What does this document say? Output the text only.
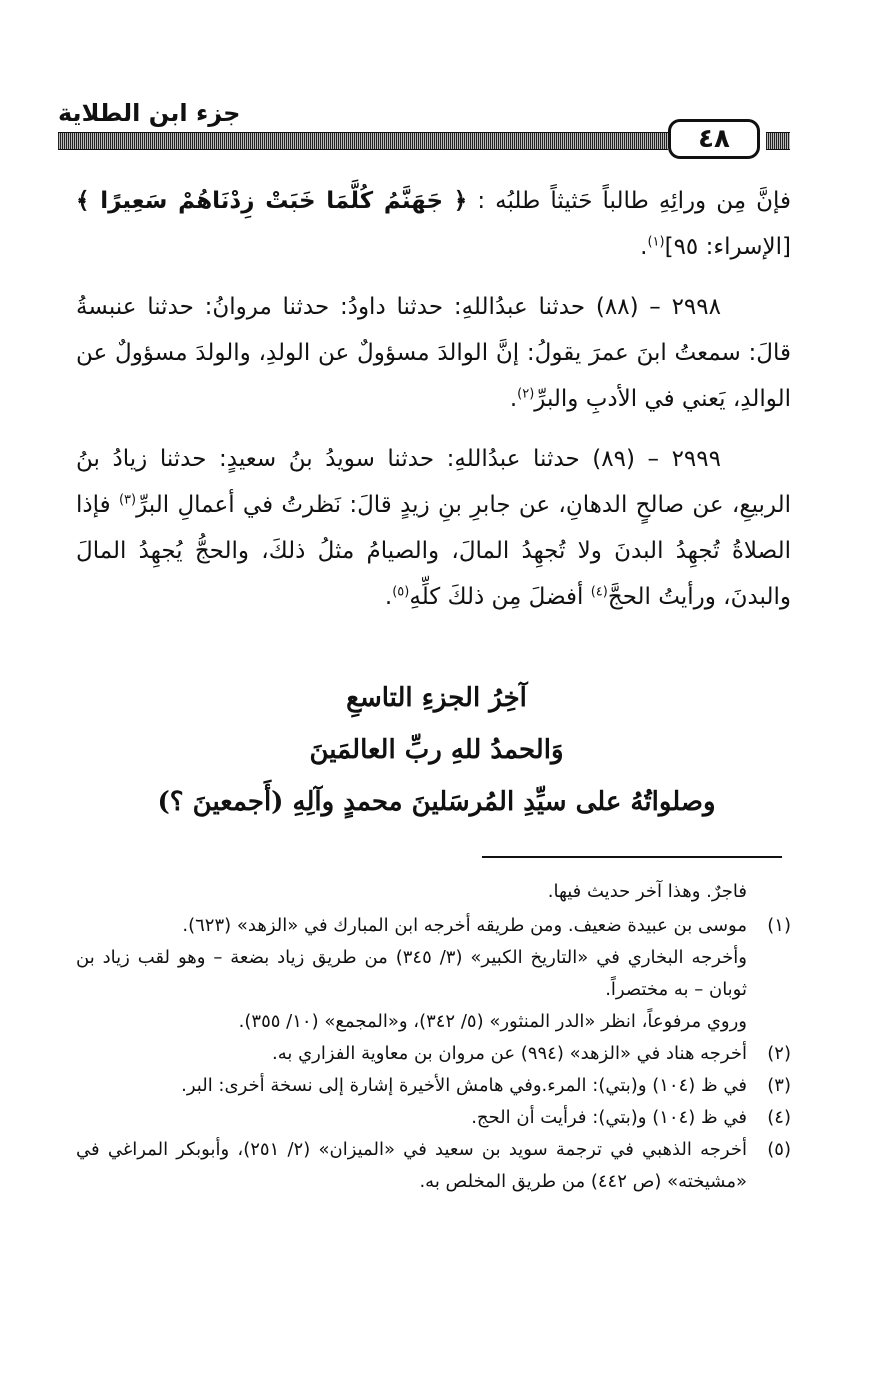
جزء ابن الطلاية
٤٨

فإنَّ مِن ورائِهِ طالباً حَثيثاً طلبُه : ﴿ جَهَنَّمُ كُلَّمَا خَبَتْ زِدْنَاهُمْ سَعِيرًا ﴾ [الإسراء: ٩٥]$^{(١)}$.

٢٩٩٨ – (٨٨) حدثنا عبدُاللهِ: حدثنا داودُ: حدثنا مروانُ: حدثنا عنبسةُ قالَ: سمعتُ ابنَ عمرَ يقولُ: إنَّ الوالدَ مسؤولٌ عن الولدِ، والولدَ مسؤولٌ عن الوالدِ، يَعني في الأدبِ والبرِّ$^{(٢)}$.

٢٩٩٩ – (٨٩) حدثنا عبدُاللهِ: حدثنا سويدُ بنُ سعيدٍ: حدثنا زيادُ بنُ الربيعِ، عن صالحٍ الدهانِ، عن جابرِ بنِ زيدٍ قالَ: نَظرتُ في أعمالِ البرِّ$^{(٣)}$ فإذا الصلاةُ تُجهِدُ البدنَ ولا تُجهِدُ المالَ، والصيامُ مثلُ ذلكَ، والحجُّ يُجهِدُ المالَ والبدنَ، ورأيتُ الحجَّ$^{(٤)}$ أفضلَ مِن ذلكَ كلِّهِ$^{(٥)}$.

آخِرُ الجزءِ التاسعِ
وَالحمدُ للهِ ربِّ العالمَينَ
وصلواتُهُ على سيِّدِ المُرسَلينَ محمدٍ وآلِهِ (أَجمعينَ ؟)

فاجرٌ. وهذا آخر حديث فيها.

(١)
موسى بن عبيدة ضعيف. ومن طريقه أخرجه ابن المبارك في «الزهد» (٦٢٣).

وأخرجه البخاري في «التاريخ الكبير» (٣/ ٣٤٥) من طريق زياد بضعة – وهو لقب زياد بن ثوبان – به مختصراً.

وروي مرفوعاً، انظر «الدر المنثور» (٥/ ٣٤٢)، و«المجمع» (١٠/ ٣٥٥).

(٢)
أخرجه هناد في «الزهد» (٩٩٤) عن مروان بن معاوية الفزاري به.

(٣)
في ظ (١٠٤) و(بتي): المرء.وفي هامش الأخيرة إشارة إلى نسخة أخرى: البر.

(٤)
في ظ (١٠٤) و(بتي): فرأيت أن الحج.

(٥)
أخرجه الذهبي في ترجمة سويد بن سعيد في «الميزان» (٢/ ٢٥١)، وأبوبكر المراغي في «مشيخته» (ص ٤٤٢) من طريق المخلص به.
